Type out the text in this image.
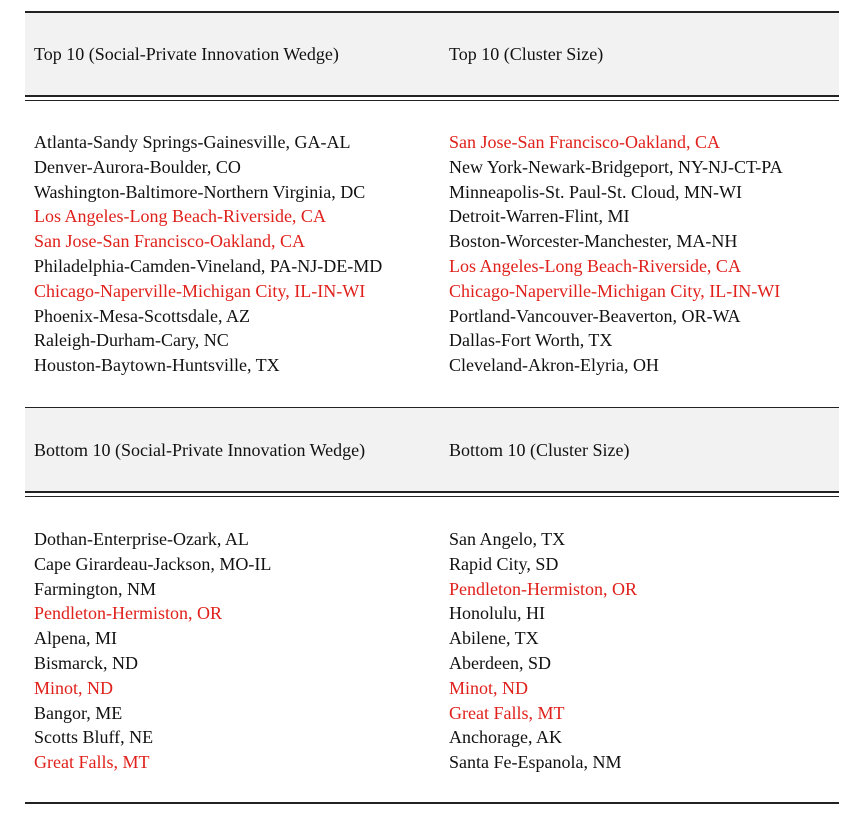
Top 10 (Social-Private Innovation Wedge)	Top 10 (Cluster Size)
Atlanta-Sandy Springs-Gainesville, GA-AL
Denver-Aurora-Boulder, CO
Washington-Baltimore-Northern Virginia, DC
Los Angeles-Long Beach-Riverside, CA
San Jose-San Francisco-Oakland, CA
Philadelphia-Camden-Vineland, PA-NJ-DE-MD
Chicago-Naperville-Michigan City, IL-IN-WI
Phoenix-Mesa-Scottsdale, AZ
Raleigh-Durham-Cary, NC
Houston-Baytown-Huntsville, TX
San Jose-San Francisco-Oakland, CA
New York-Newark-Bridgeport, NY-NJ-CT-PA
Minneapolis-St. Paul-St. Cloud, MN-WI
Detroit-Warren-Flint, MI
Boston-Worcester-Manchester, MA-NH
Los Angeles-Long Beach-Riverside, CA
Chicago-Naperville-Michigan City, IL-IN-WI
Portland-Vancouver-Beaverton, OR-WA
Dallas-Fort Worth, TX
Cleveland-Akron-Elyria, OH
Bottom 10 (Social-Private Innovation Wedge)	Bottom 10 (Cluster Size)
Dothan-Enterprise-Ozark, AL
Cape Girardeau-Jackson, MO-IL
Farmington, NM
Pendleton-Hermiston, OR
Alpena, MI
Bismarck, ND
Minot, ND
Bangor, ME
Scotts Bluff, NE
Great Falls, MT
San Angelo, TX
Rapid City, SD
Pendleton-Hermiston, OR
Honolulu, HI
Abilene, TX
Aberdeen, SD
Minot, ND
Great Falls, MT
Anchorage, AK
Santa Fe-Espanola, NM
